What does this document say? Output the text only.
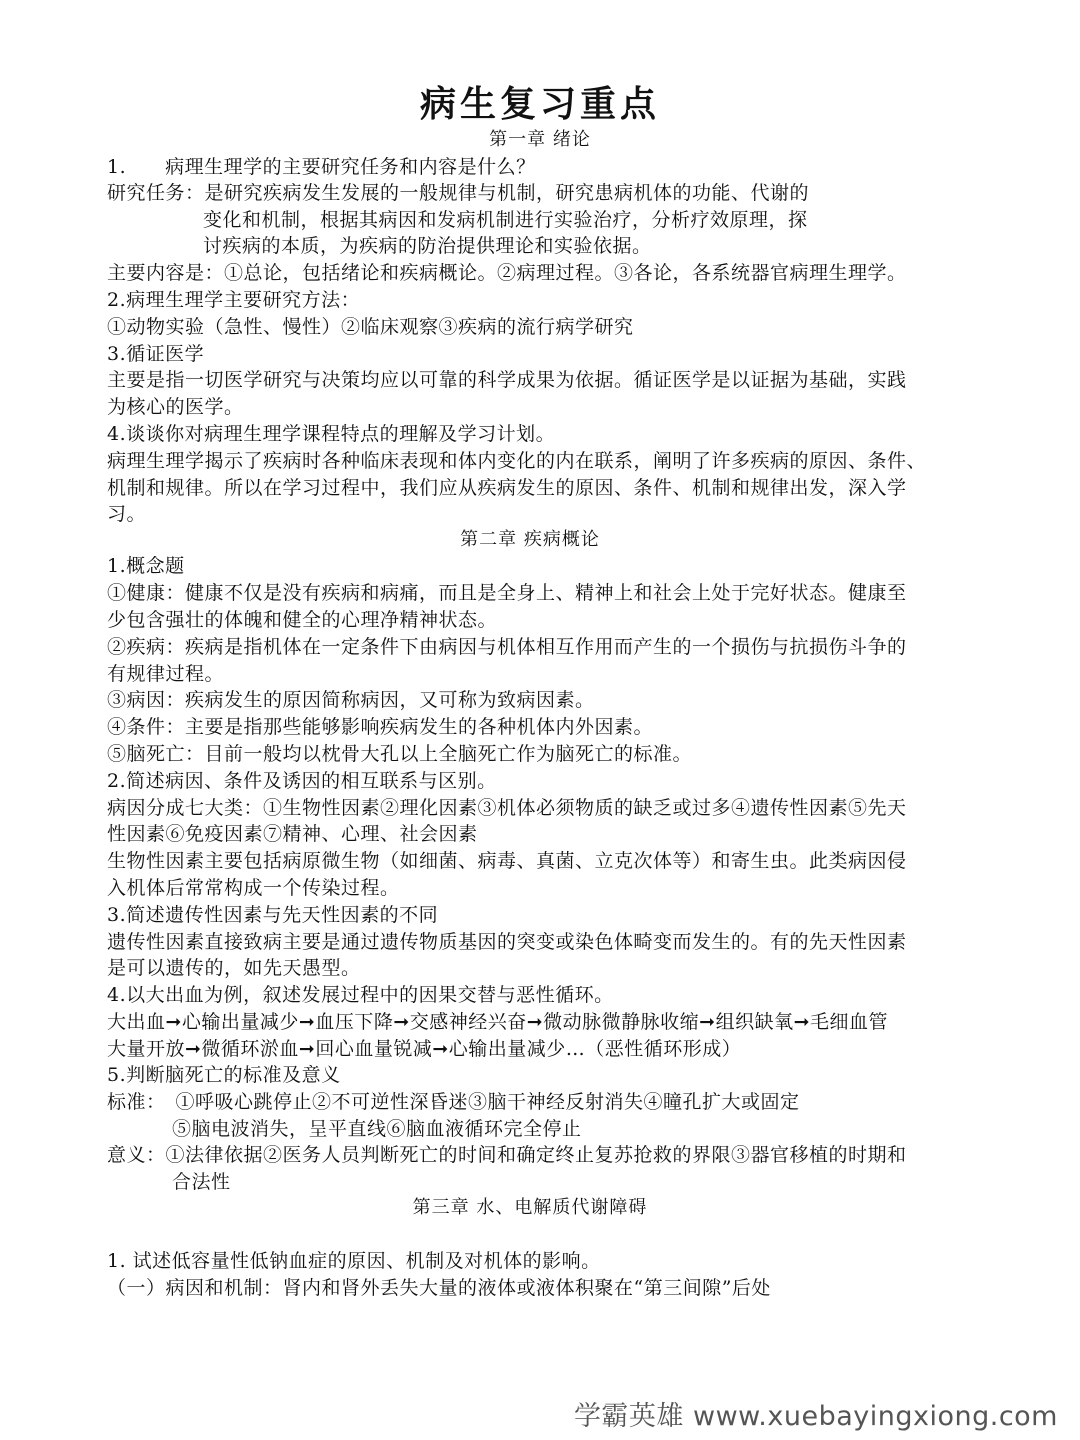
病生复习重点
第一章 绪论
1.　　病理生理学的主要研究任务和内容是什么？
研究任务：是研究疾病发生发展的一般规律与机制，研究患病机体的功能、代谢的
变化和机制，根据其病因和发病机制进行实验治疗，分析疗效原理，探
讨疾病的本质，为疾病的防治提供理论和实验依据。
主要内容是：①总论，包括绪论和疾病概论。②病理过程。③各论，各系统器官病理生理学。
2.病理生理学主要研究方法：
①动物实验（急性、慢性）②临床观察③疾病的流行病学研究
3.循证医学
主要是指一切医学研究与决策均应以可靠的科学成果为依据。循证医学是以证据为基础，实践
为核心的医学。
4.谈谈你对病理生理学课程特点的理解及学习计划。
病理生理学揭示了疾病时各种临床表现和体内变化的内在联系，阐明了许多疾病的原因、条件、
机制和规律。所以在学习过程中，我们应从疾病发生的原因、条件、机制和规律出发，深入学
习。
第二章 疾病概论
1.概念题
①健康：健康不仅是没有疾病和病痛，而且是全身上、精神上和社会上处于完好状态。健康至
少包含强壮的体魄和健全的心理净精神状态。
②疾病：疾病是指机体在一定条件下由病因与机体相互作用而产生的一个损伤与抗损伤斗争的
有规律过程。
③病因：疾病发生的原因简称病因，又可称为致病因素。
④条件：主要是指那些能够影响疾病发生的各种机体内外因素。
⑤脑死亡：目前一般均以枕骨大孔以上全脑死亡作为脑死亡的标准。
2.简述病因、条件及诱因的相互联系与区别。
病因分成七大类：①生物性因素②理化因素③机体必须物质的缺乏或过多④遗传性因素⑤先天
性因素⑥免疫因素⑦精神、心理、社会因素
生物性因素主要包括病原微生物（如细菌、病毒、真菌、立克次体等）和寄生虫。此类病因侵
入机体后常常构成一个传染过程。
3.简述遗传性因素与先天性因素的不同
遗传性因素直接致病主要是通过遗传物质基因的突变或染色体畸变而发生的。有的先天性因素
是可以遗传的，如先天愚型。
4.以大出血为例，叙述发展过程中的因果交替与恶性循环。
大出血➞心输出量减少➞血压下降➞交感神经兴奋➞微动脉微静脉收缩➞组织缺氧➞毛细血管
大量开放➞微循环淤血➞回心血量锐减➞心输出量减少…（恶性循环形成）
5.判断脑死亡的标准及意义
标准：　①呼吸心跳停止②不可逆性深昏迷③脑干神经反射消失④瞳孔扩大或固定
⑤脑电波消失，呈平直线⑥脑血液循环完全停止
意义：①法律依据②医务人员判断死亡的时间和确定终止复苏抢救的界限③器官移植的时期和
合法性
第三章 水、电解质代谢障碍
1. 试述低容量性低钠血症的原因、机制及对机体的影响。
（一）病因和机制：肾内和肾外丢失大量的液体或液体积聚在“第三间隙”后处
学霸英雄 www.xuebayingxiong.com
